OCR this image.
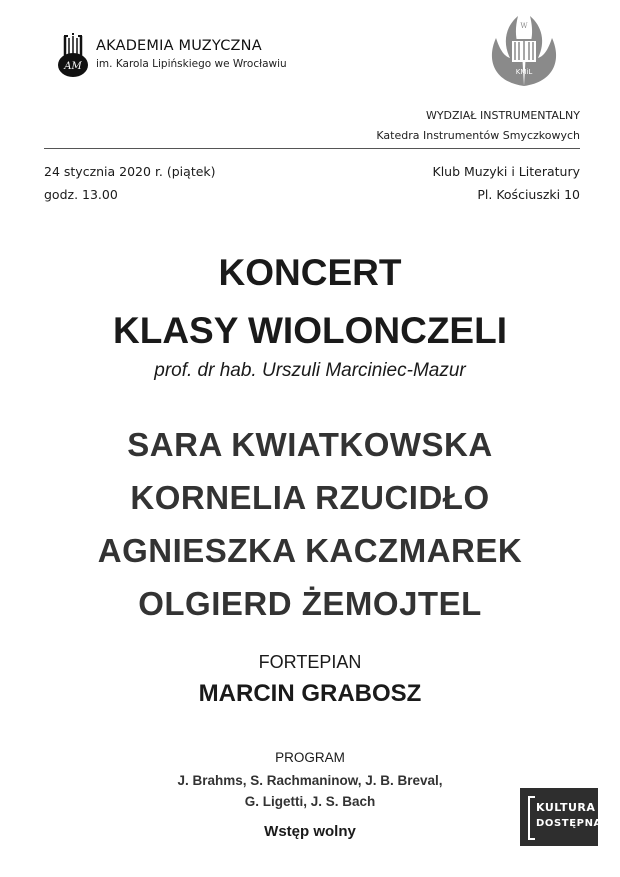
AM
AKADEMIA MUZYCZNA
im. Karola Lipińskiego we Wrocławiu
W
KMiL
WYDZIAŁ INSTRUMENTALNY
Katedra Instrumentów Smyczkowych
24 stycznia 2020 r. (piątek)
godz. 13.00
Klub Muzyki i Literatury
Pl. Kościuszki 10
KONCERT
KLASY WIOLONCZELI
prof. dr hab. Urszuli Marciniec-Mazur
SARA KWIATKOWSKA
KORNELIA RZUCIDŁO
AGNIESZKA KACZMAREK
OLGIERD ŻEMOJTEL
FORTEPIAN
MARCIN GRABOSZ
PROGRAM
J. Brahms, S. Rachmaninow, J. B. Breval,
G. Ligetti, J. S. Bach
Wstęp wolny
KULTURA
DOSTĘPNA
